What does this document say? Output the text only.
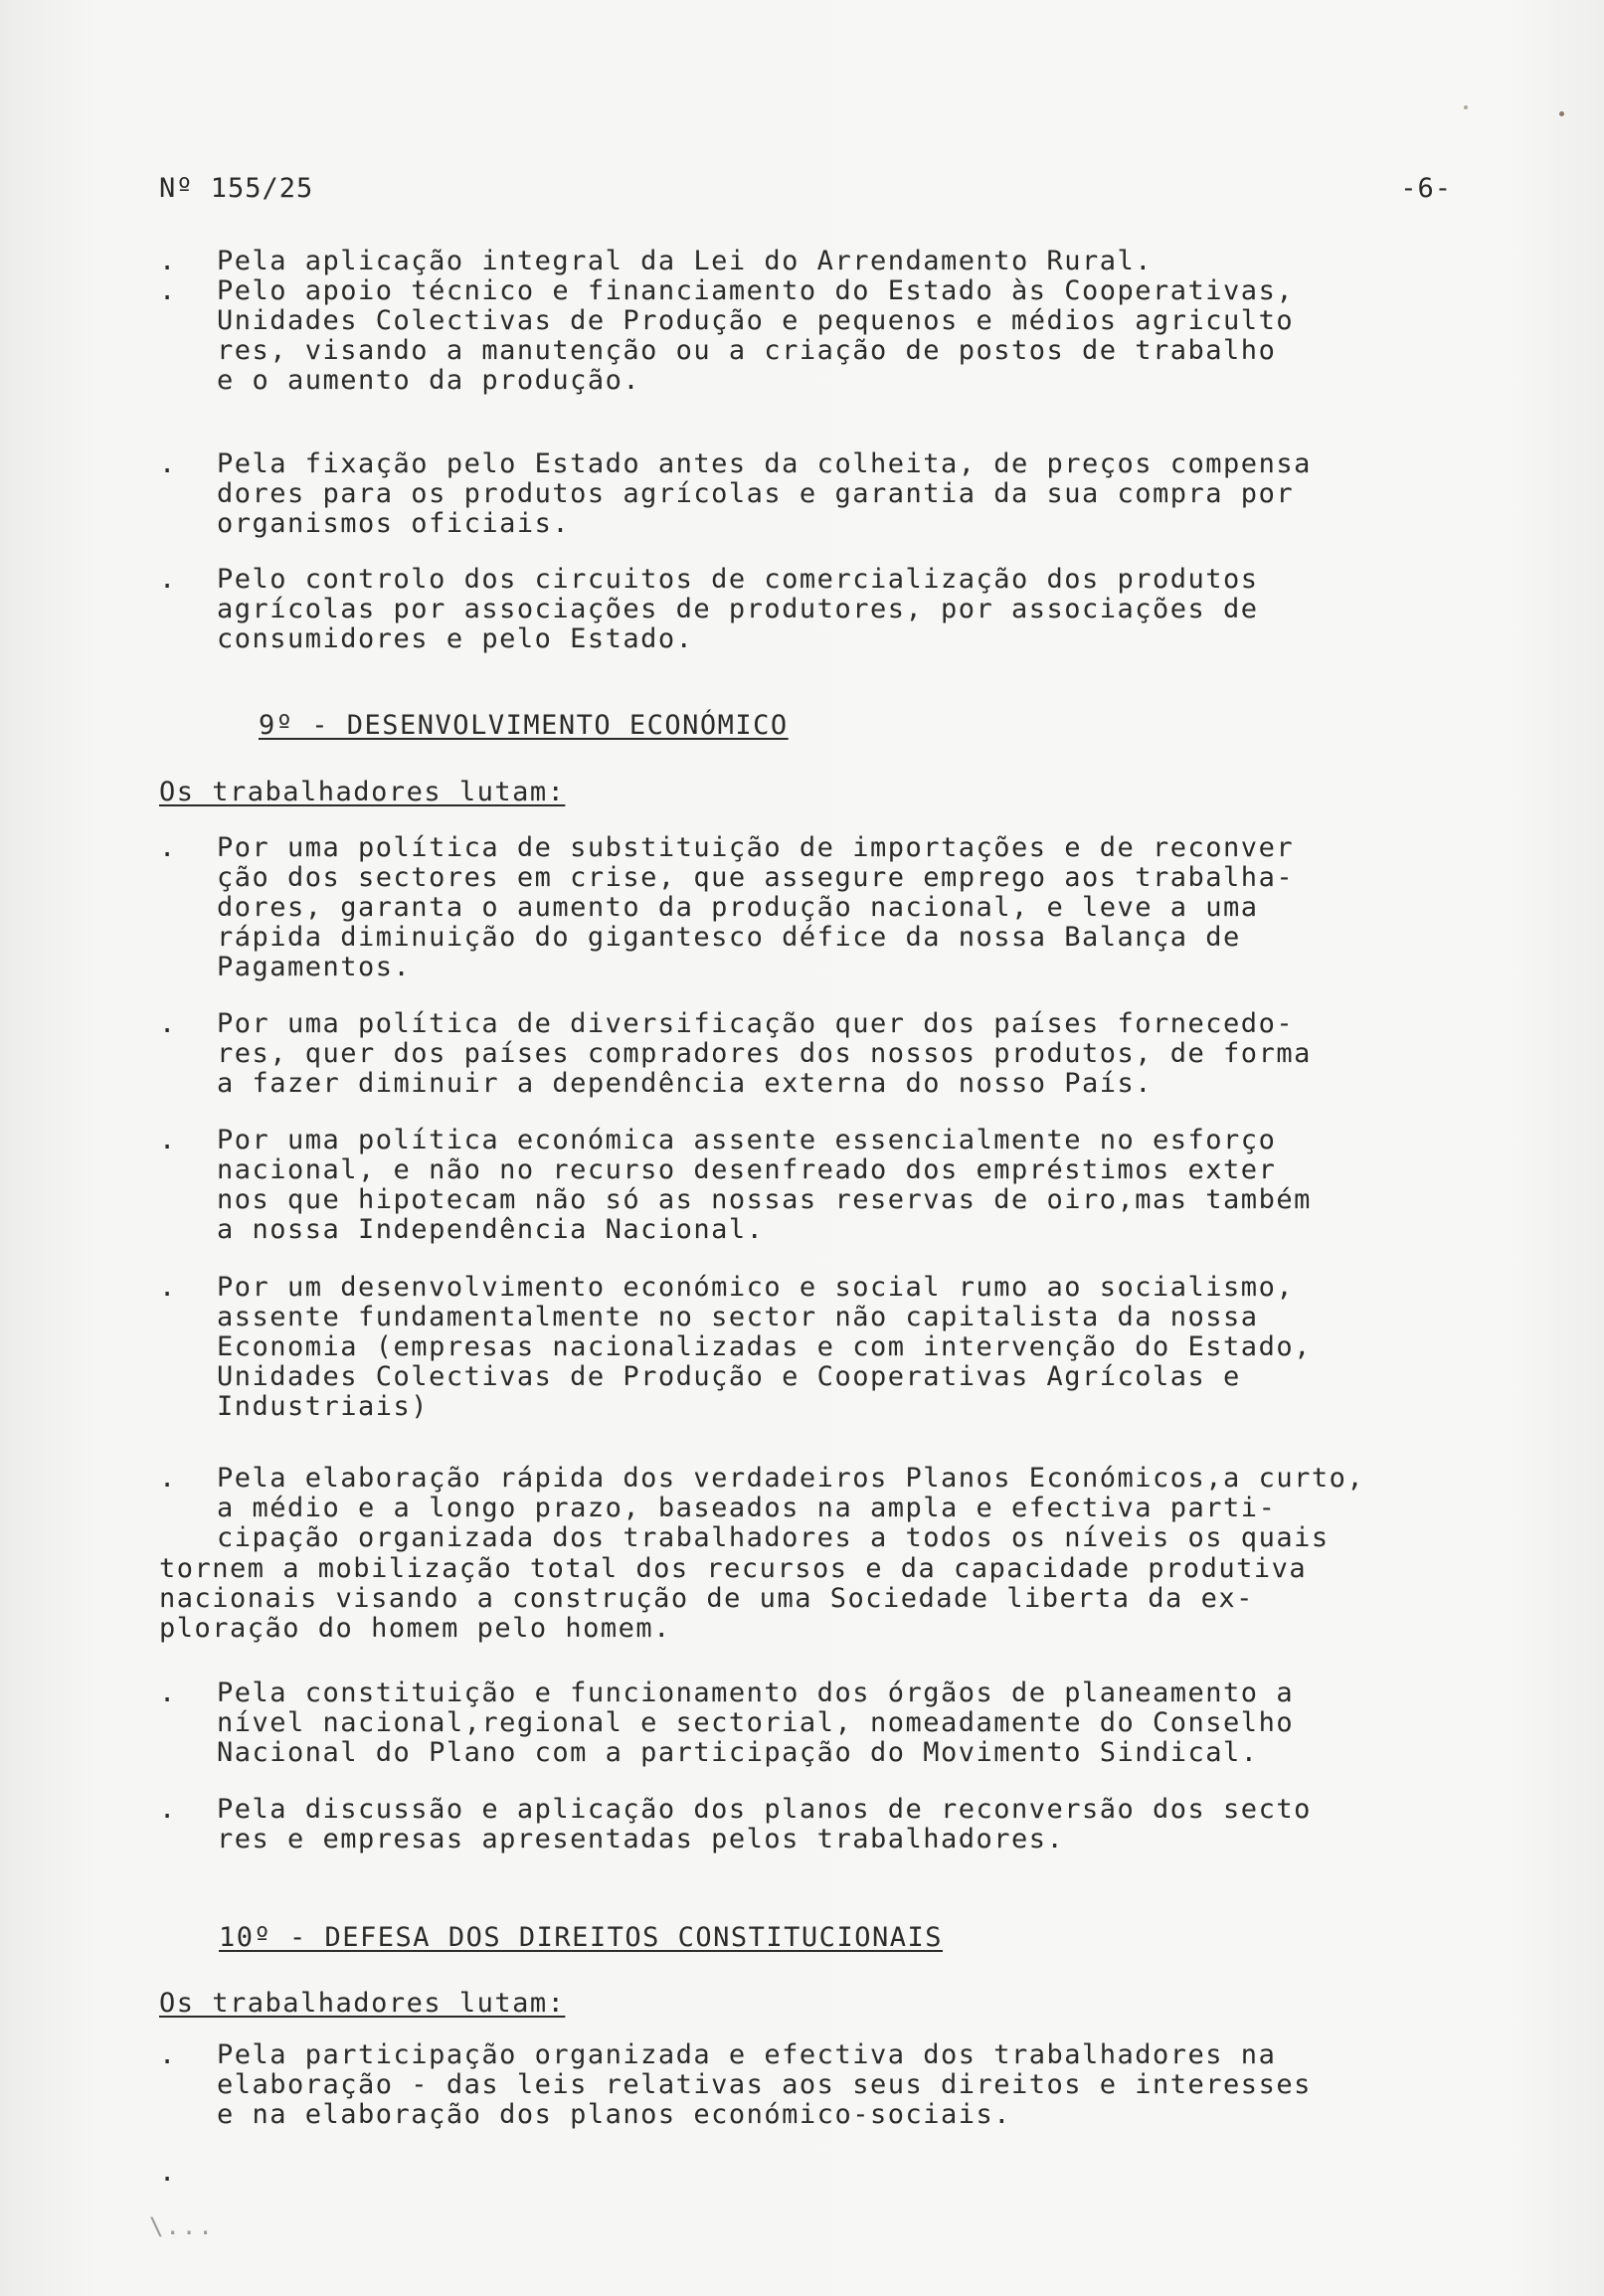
Nº 155/25	-6-
.	Pela aplicação integral da Lei do Arrendamento Rural.
.	Pelo apoio técnico e financiamento do Estado às Cooperativas,
Unidades Colectivas de Produção e pequenos e médios agriculto
res, visando a manutenção ou a criação de postos de trabalho
e o aumento da produção.
.	Pela fixação pelo Estado antes da colheita, de preços compensa
dores para os produtos agrícolas e garantia da sua compra por
organismos oficiais.
.	Pelo controlo dos circuitos de comercialização dos produtos
agrícolas por associações de produtores, por associações de
consumidores e pelo Estado.
9º - DESENVOLVIMENTO ECONÓMICO
Os trabalhadores lutam:
.	Por uma política de substituição de importações e de reconver
ção dos sectores em crise, que assegure emprego aos trabalha-
dores, garanta o aumento da produção nacional, e leve a uma
rápida diminuição do gigantesco défice da nossa Balança de
Pagamentos.
.	Por uma política de diversificação quer dos países fornecedo-
res, quer dos países compradores dos nossos produtos, de forma
a fazer diminuir a dependência externa do nosso País.
.	Por uma política económica assente essencialmente no esforço
nacional, e não no recurso desenfreado dos empréstimos exter
nos que hipotecam não só as nossas reservas de oiro,mas também
a nossa Independência Nacional.
.	Por um desenvolvimento económico e social rumo ao socialismo,
assente fundamentalmente no sector não capitalista da nossa
Economia (empresas nacionalizadas e com intervenção do Estado,
Unidades Colectivas de Produção e Cooperativas Agrícolas e
Industriais)
.	Pela elaboração rápida dos verdadeiros Planos Económicos,a curto,
a médio e a longo prazo, baseados na ampla e efectiva parti-
cipação organizada dos trabalhadores a todos os níveis os quais
tornem a mobilização total dos recursos e da capacidade produtiva
nacionais visando a construção de uma Sociedade liberta da ex-
ploração do homem pelo homem.
.	Pela constituição e funcionamento dos órgãos de planeamento a
nível nacional,regional e sectorial, nomeadamente do Conselho
Nacional do Plano com a participação do Movimento Sindical.
.	Pela discussão e aplicação dos planos de reconversão dos secto
res e empresas apresentadas pelos trabalhadores.
10º - DEFESA DOS DIREITOS CONSTITUCIONAIS
Os trabalhadores lutam:
.	Pela participação organizada e efectiva dos trabalhadores na
elaboração - das leis relativas aos seus direitos e interesses
e na elaboração dos planos económico-sociais.
.
\...
